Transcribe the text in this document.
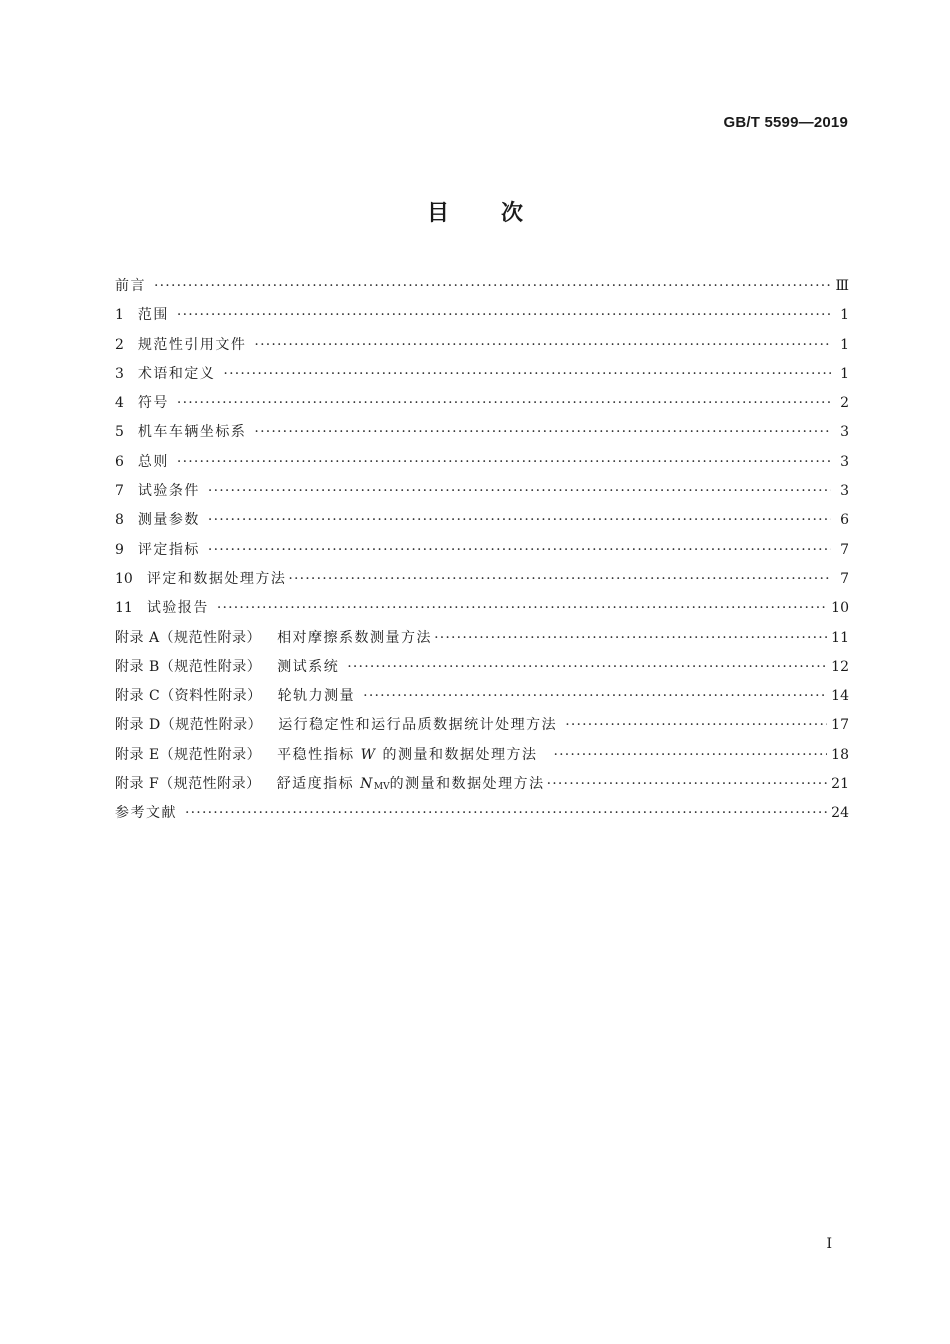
GB/T 5599—2019
目次
前言 ·····	Ⅲ
1 范围 ·····	1
2 规范性引用文件 ·····	1
3 术语和定义 ·····	1
4 符号 ·····	2
5 机车车辆坐标系 ·····	3
6 总则 ·····	3
7 试验条件 ·····	3
8 测量参数 ·····	6
9 评定指标 ·····	7
10 评定和数据处理方法 ·····	7
11 试验报告 ·····	10
附录 A（规范性附录） 相对摩擦系数测量方法 ·····	11
附录 B（规范性附录） 测试系统 ·····	12
附录 C（资料性附录） 轮轨力测量 ·····	14
附录 D（规范性附录） 运行稳定性和运行品质数据统计处理方法 ·····	17
附录 E（规范性附录） 平稳性指标 W 的测量和数据处理方法 ·····	18
附录 F（规范性附录） 舒适度指标 NMV的测量和数据处理方法 ·····	21
参考文献 ·····	24
I
